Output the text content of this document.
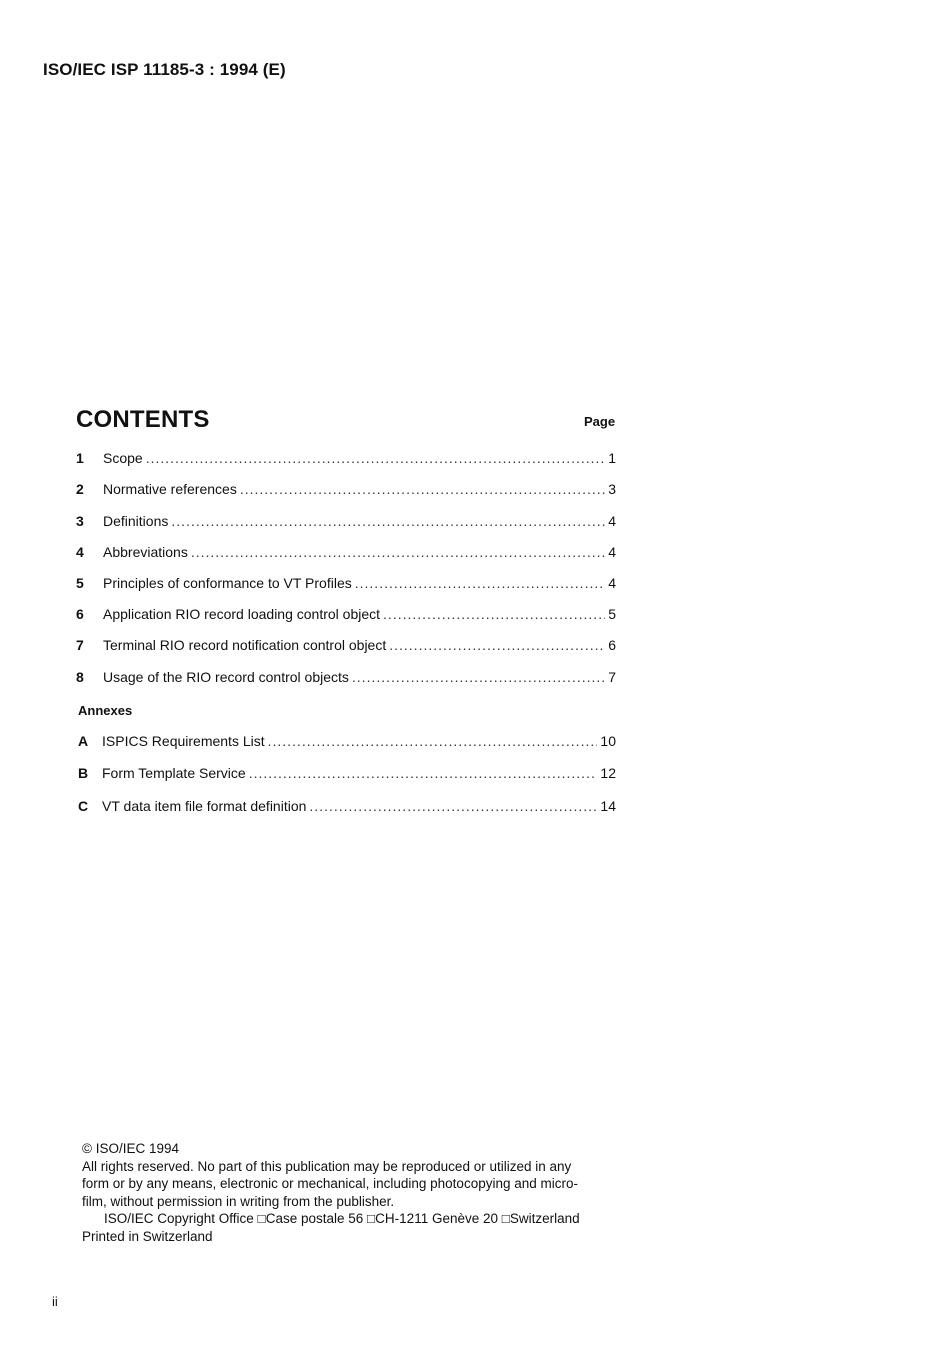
ISO/IEC ISP 11185-3 : 1994 (E)
CONTENTS	Page
1	Scope .....	1
2	Normative references .....	3
3	Definitions .....	4
4	Abbreviations .....	4
5	Principles of conformance to VT Profiles .....	4
6	Application RIO record loading control object .....	5
7	Terminal RIO record notification control object .....	6
8	Usage of the RIO record control objects .....	7
Annexes
A ISPICS Requirements List .....	10
B Form Template Service .....	12
C VT data item file format definition .....	14
© ISO/IEC 1994
All rights reserved. No part of this publication may be reproduced or utilized in any
form or by any means, electronic or mechanical, including photocopying and micro-
film, without permission in writing from the publisher.
ISO/IEC Copyright Office □Case postale 56 □CH-1211 Genève 20 □Switzerland
Printed in Switzerland
ii
